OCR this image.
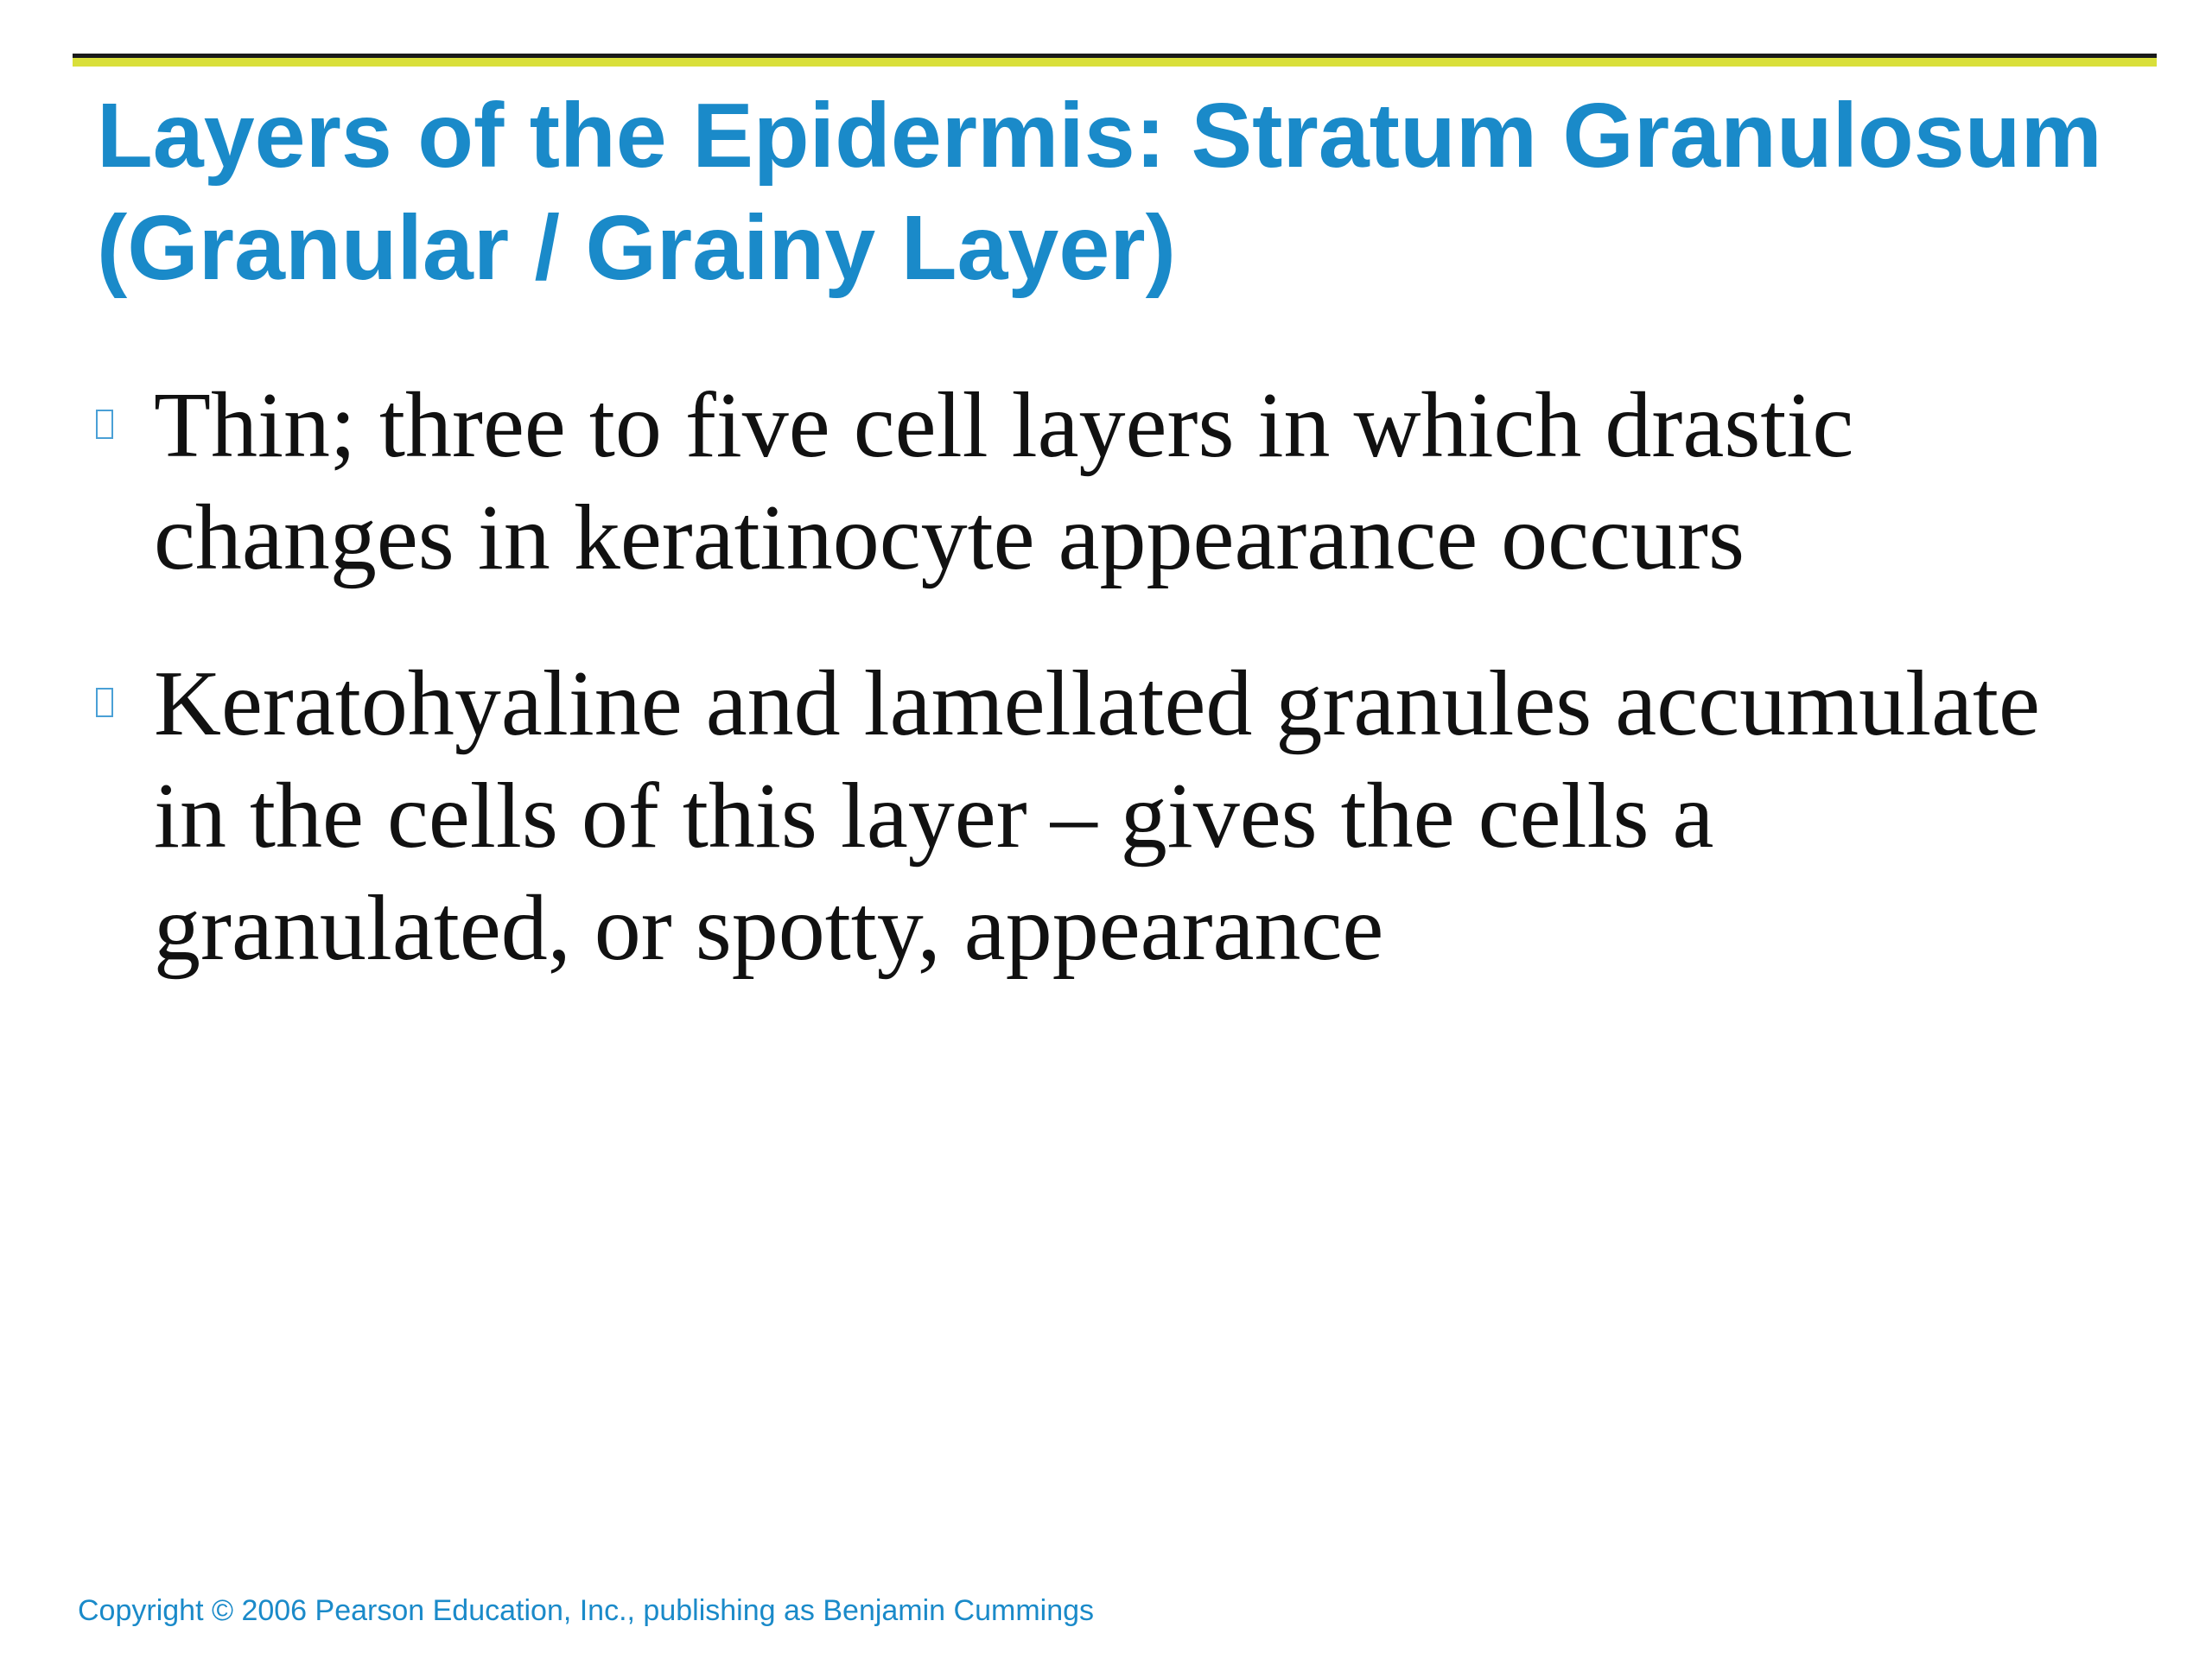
Layers of the Epidermis: Stratum Granulosum
(Granular / Grainy Layer)
Thin; three to five cell layers in which drastic
changes in keratinocyte appearance occurs
Keratohyaline and lamellated granules accumulate
in the cells of this layer – gives the cells a
granulated, or spotty, appearance
Copyright © 2006 Pearson Education, Inc., publishing as Benjamin Cummings
